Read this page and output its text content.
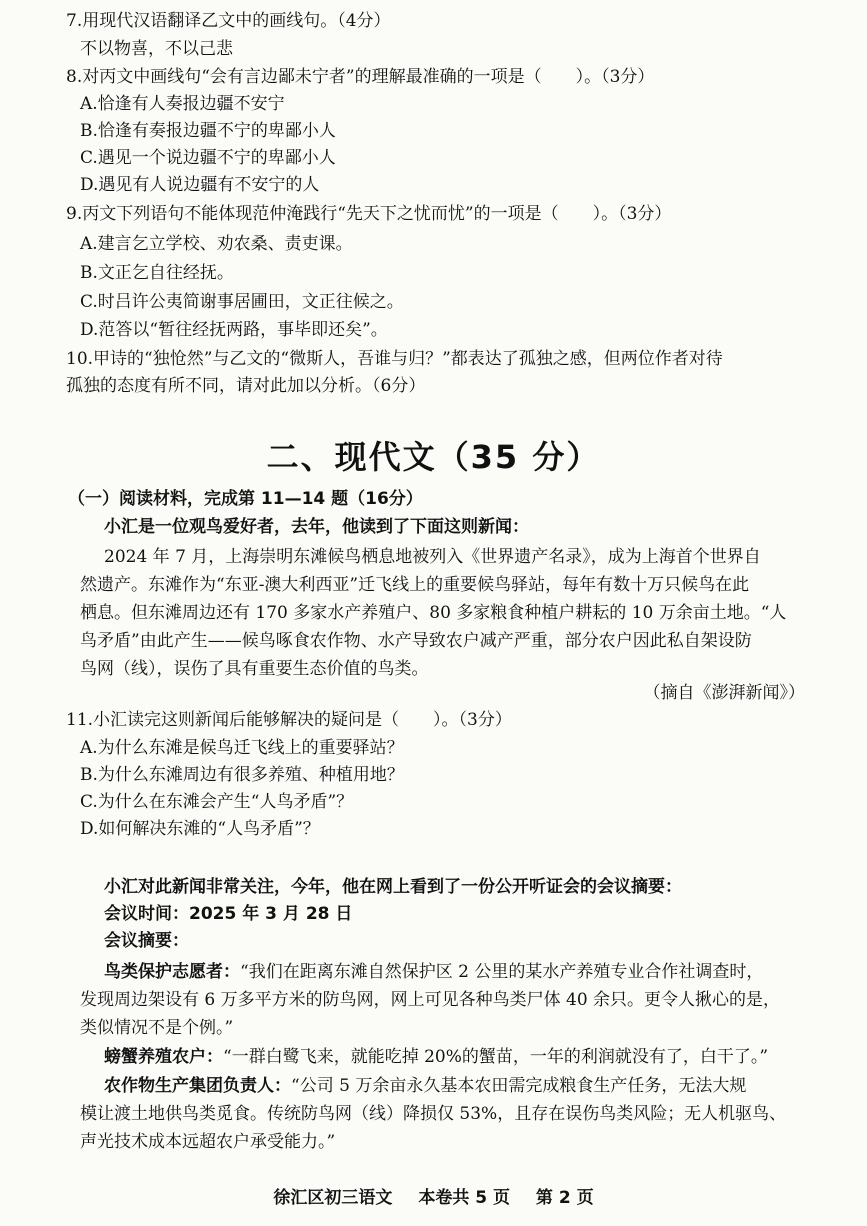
7.用现代汉语翻译乙文中的画线句。（4分）
不以物喜，不以己悲
8.对丙文中画线句“会有言边鄙未宁者”的理解最准确的一项是（　　）。（3分）
A.恰逢有人奏报边疆不安宁
B.恰逢有奏报边疆不宁的卑鄙小人
C.遇见一个说边疆不宁的卑鄙小人
D.遇见有人说边疆有不安宁的人
9.丙文下列语句不能体现范仲淹践行“先天下之忧而忧”的一项是（　　）。（3分）
A.建言乞立学校、劝农桑、责吏课。
B.文正乞自往经抚。
C.时吕许公夷简谢事居圃田，文正往候之。
D.范答以“暂往经抚两路，事毕即还矣”。
10.甲诗的“独怆然”与乙文的“微斯人，吾谁与归？”都表达了孤独之感，但两位作者对待
孤独的态度有所不同，请对此加以分析。（6分）
二、现代文（35 分）
（一）阅读材料，完成第 11—14 题（16分）
小汇是一位观鸟爱好者，去年，他读到了下面这则新闻：
2024 年 7 月，上海崇明东滩候鸟栖息地被列入《世界遗产名录》，成为上海首个世界自
然遗产。东滩作为“东亚-澳大利西亚”迁飞线上的重要候鸟驿站，每年有数十万只候鸟在此
栖息。但东滩周边还有 170 多家水产养殖户、80 多家粮食种植户耕耘的 10 万余亩土地。“人
鸟矛盾”由此产生——候鸟啄食农作物、水产导致农户减产严重，部分农户因此私自架设防
鸟网（线），误伤了具有重要生态价值的鸟类。
（摘自《澎湃新闻》）
11.小汇读完这则新闻后能够解决的疑问是（　　）。（3分）
A.为什么东滩是候鸟迁飞线上的重要驿站？
B.为什么东滩周边有很多养殖、种植用地？
C.为什么在东滩会产生“人鸟矛盾”？
D.如何解决东滩的“人鸟矛盾”？
小汇对此新闻非常关注，今年，他在网上看到了一份公开听证会的会议摘要：
会议时间：2025 年 3 月 28 日
会议摘要：
鸟类保护志愿者：“我们在距离东滩自然保护区 2 公里的某水产养殖专业合作社调查时，
发现周边架设有 6 万多平方米的防鸟网，网上可见各种鸟类尸体 40 余只。更令人揪心的是，
类似情况不是个例。”
螃蟹养殖农户：“一群白鹭飞来，就能吃掉 20%的蟹苗，一年的利润就没有了，白干了。”
农作物生产集团负责人：“公司 5 万余亩永久基本农田需完成粮食生产任务，无法大规
模让渡土地供鸟类觅食。传统防鸟网（线）降损仅 53%，且存在误伤鸟类风险；无人机驱鸟、
声光技术成本远超农户承受能力。”
徐汇区初三语文 本卷共 5 页 第 2 页
